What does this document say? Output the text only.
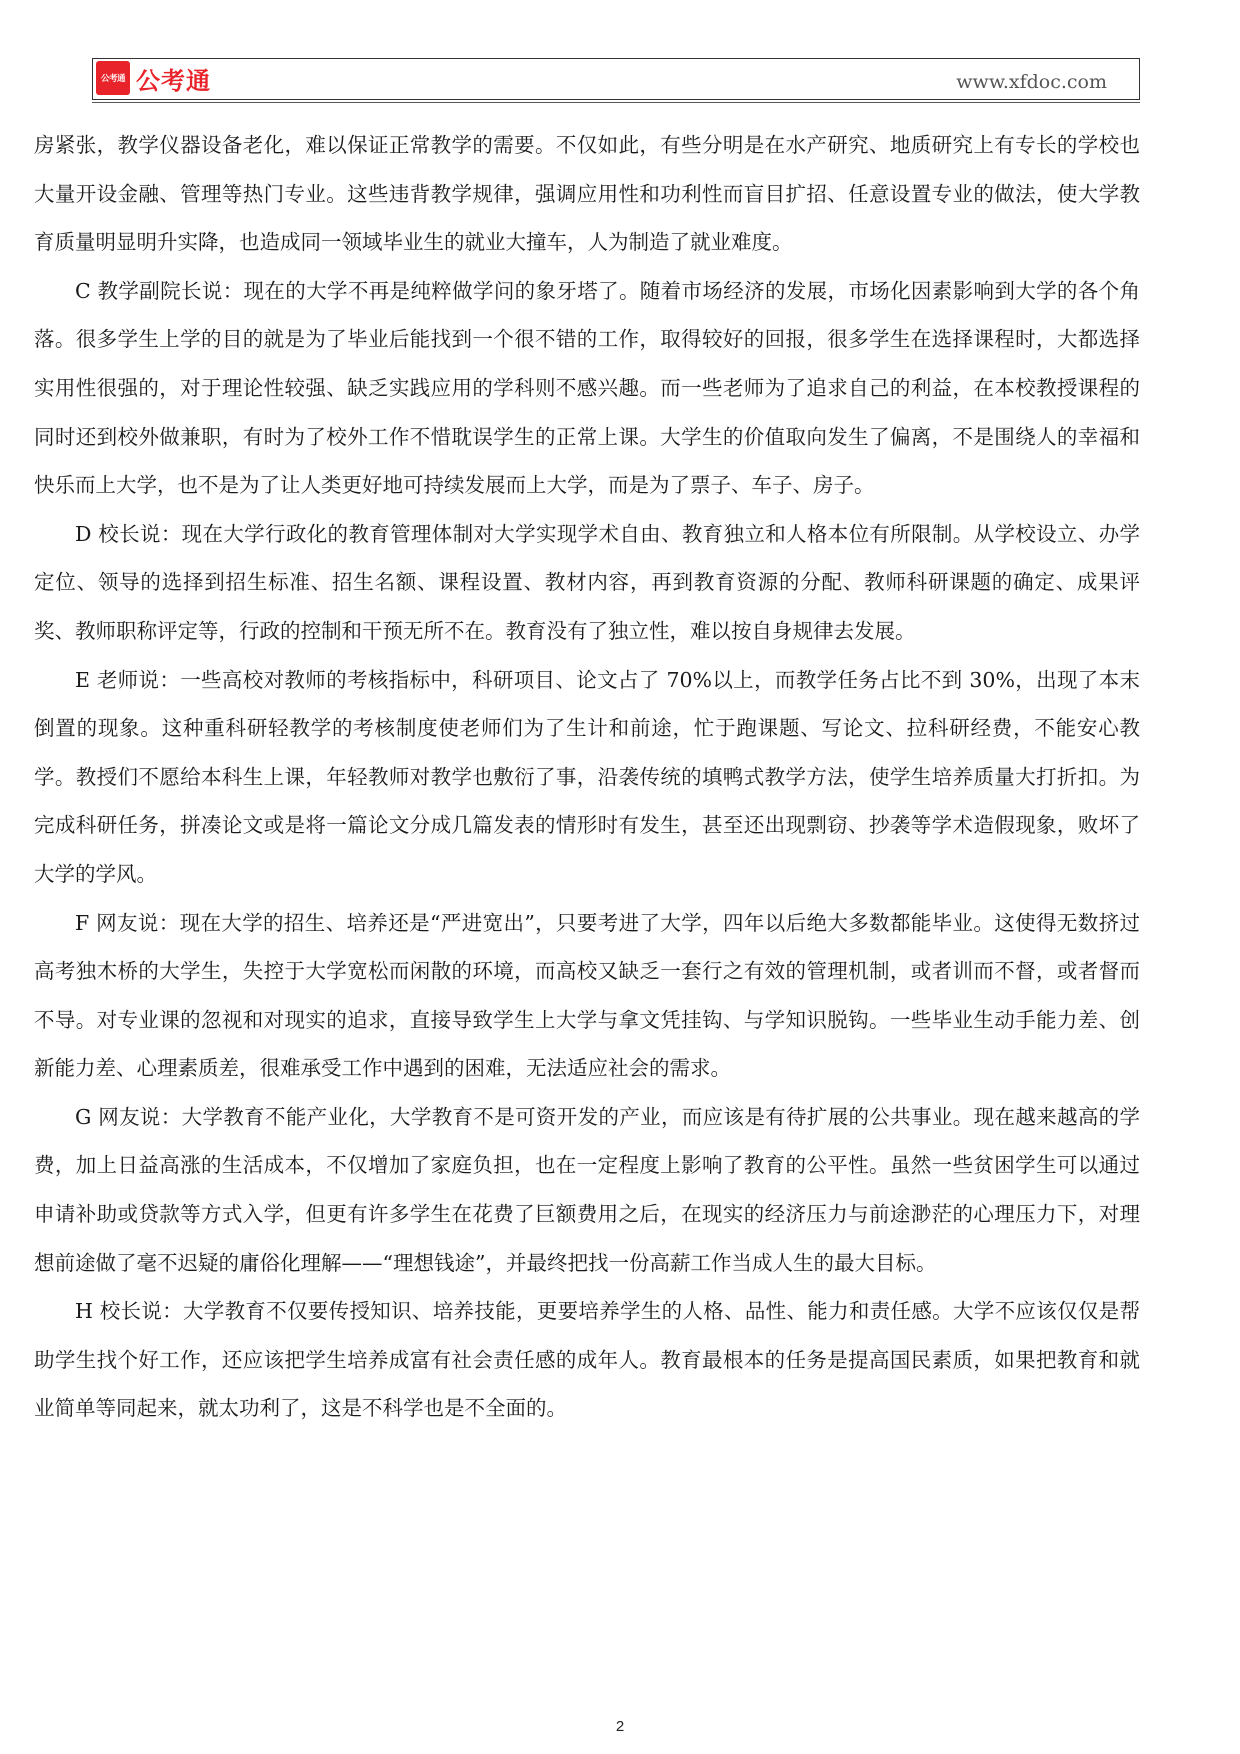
公考通 公考通	www.xfdoc.com

房紧张，教学仪器设备老化，难以保证正常教学的需要。不仅如此，有些分明是在水产研究、地质研究上有专长的学校也大量开设金融、管理等热门专业。这些违背教学规律，强调应用性和功利性而盲目扩招、任意设置专业的做法，使大学教育质量明显明升实降，也造成同一领域毕业生的就业大撞车，人为制造了就业难度。

C 教学副院长说：现在的大学不再是纯粹做学问的象牙塔了。随着市场经济的发展，市场化因素影响到大学的各个角落。很多学生上学的目的就是为了毕业后能找到一个很不错的工作，取得较好的回报，很多学生在选择课程时，大都选择实用性很强的，对于理论性较强、缺乏实践应用的学科则不感兴趣。而一些老师为了追求自己的利益，在本校教授课程的同时还到校外做兼职，有时为了校外工作不惜耽误学生的正常上课。大学生的价值取向发生了偏离，不是围绕人的幸福和快乐而上大学，也不是为了让人类更好地可持续发展而上大学，而是为了票子、车子、房子。

D 校长说：现在大学行政化的教育管理体制对大学实现学术自由、教育独立和人格本位有所限制。从学校设立、办学定位、领导的选择到招生标准、招生名额、课程设置、教材内容，再到教育资源的分配、教师科研课题的确定、成果评奖、教师职称评定等，行政的控制和干预无所不在。教育没有了独立性，难以按自身规律去发展。

E 老师说：一些高校对教师的考核指标中，科研项目、论文占了 70%以上，而教学任务占比不到 30%，出现了本末倒置的现象。这种重科研轻教学的考核制度使老师们为了生计和前途，忙于跑课题、写论文、拉科研经费，不能安心教学。教授们不愿给本科生上课，年轻教师对教学也敷衍了事，沿袭传统的填鸭式教学方法，使学生培养质量大打折扣。为完成科研任务，拼凑论文或是将一篇论文分成几篇发表的情形时有发生，甚至还出现剽窃、抄袭等学术造假现象，败坏了大学的学风。

F 网友说：现在大学的招生、培养还是“严进宽出”，只要考进了大学，四年以后绝大多数都能毕业。这使得无数挤过高考独木桥的大学生，失控于大学宽松而闲散的环境，而高校又缺乏一套行之有效的管理机制，或者训而不督，或者督而不导。对专业课的忽视和对现实的追求，直接导致学生上大学与拿文凭挂钩、与学知识脱钩。一些毕业生动手能力差、创新能力差、心理素质差，很难承受工作中遇到的困难，无法适应社会的需求。

G 网友说：大学教育不能产业化，大学教育不是可资开发的产业，而应该是有待扩展的公共事业。现在越来越高的学费，加上日益高涨的生活成本，不仅增加了家庭负担，也在一定程度上影响了教育的公平性。虽然一些贫困学生可以通过申请补助或贷款等方式入学，但更有许多学生在花费了巨额费用之后，在现实的经济压力与前途渺茫的心理压力下，对理想前途做了毫不迟疑的庸俗化理解——“理想钱途”，并最终把找一份高薪工作当成人生的最大目标。

H 校长说：大学教育不仅要传授知识、培养技能，更要培养学生的人格、品性、能力和责任感。大学不应该仅仅是帮助学生找个好工作，还应该把学生培养成富有社会责任感的成年人。教育最根本的任务是提高国民素质，如果把教育和就业简单等同起来，就太功利了，这是不科学也是不全面的。

2
